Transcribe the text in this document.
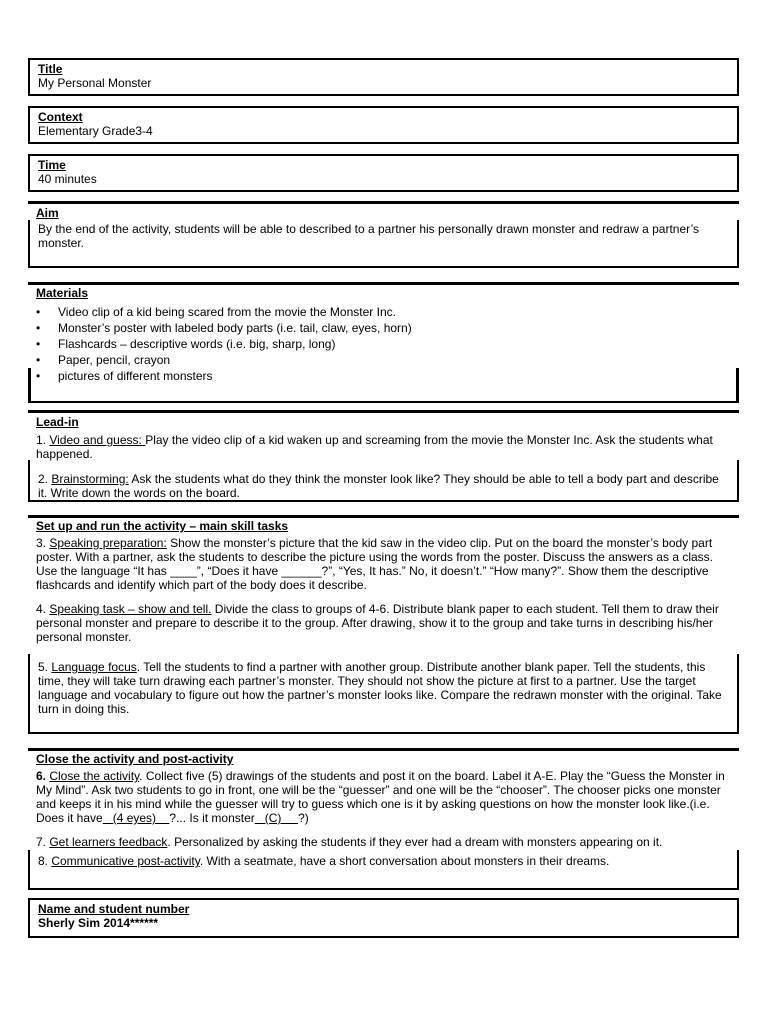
Title
My Personal Monster
Context
Elementary Grade3-4
Time
40 minutes
Aim

By the end of the activity, students will be able to described to a partner his personally drawn monster and redraw a partner’s monster.

Materials
• Video clip of a kid being scared from the movie the Monster Inc.
• Monster’s poster with labeled body parts (i.e. tail, claw, eyes, horn)
• Flashcards – descriptive words (i.e. big, sharp, long)
• Paper, pencil, crayon
• pictures of different monsters
Lead-in

1. Video and guess: Play the video clip of a kid waken up and screaming from the movie the Monster Inc. Ask the students what happened.

2. Brainstorming: Ask the students what do they think the monster look like? They should be able to tell a body part and describe it. Write down the words on the board.

Set up and run the activity – main skill tasks

3. Speaking preparation: Show the monster’s picture that the kid saw in the video clip. Put on the board the monster’s body part poster. With a partner, ask the students to describe the picture using the words from the poster. Discuss the answers as a class. Use the language “It has ____”, “Does it have ______?”, “Yes, It has.” No, it doesn’t.” “How many?”. Show them the descriptive flashcards and identify which part of the body does it describe.

4. Speaking task – show and tell. Divide the class to groups of 4-6. Distribute blank paper to each student. Tell them to draw their personal monster and prepare to describe it to the group. After drawing, show it to the group and take turns in describing his/her personal monster.

5. Language focus. Tell the students to find a partner with another group. Distribute another blank paper. Tell the students, this time, they will take turn drawing each partner’s monster. They should not show the picture at first to a partner. Use the target language and vocabulary to figure out how the partner’s monster looks like. Compare the redrawn monster with the original. Take turn in doing this.

Close the activity and post-activity

6. Close the activity. Collect five (5) drawings of the students and post it on the board. Label it A-E. Play the “Guess the Monster in My Mind”. Ask two students to go in front, one will be the “guesser” and one will be the “chooser”. The chooser picks one monster and keeps it in his mind while the guesser will try to guess which one is it by asking questions on how the monster look like.(i.e. Does it have   (4 eyes)    ?... Is it monster   (C)     ?)

7. Get learners feedback. Personalized by asking the students if they ever had a dream with monsters appearing on it.

8. Communicative post-activity. With a seatmate, have a short conversation about monsters in their dreams.

Name and student number
Sherly Sim 2014******
